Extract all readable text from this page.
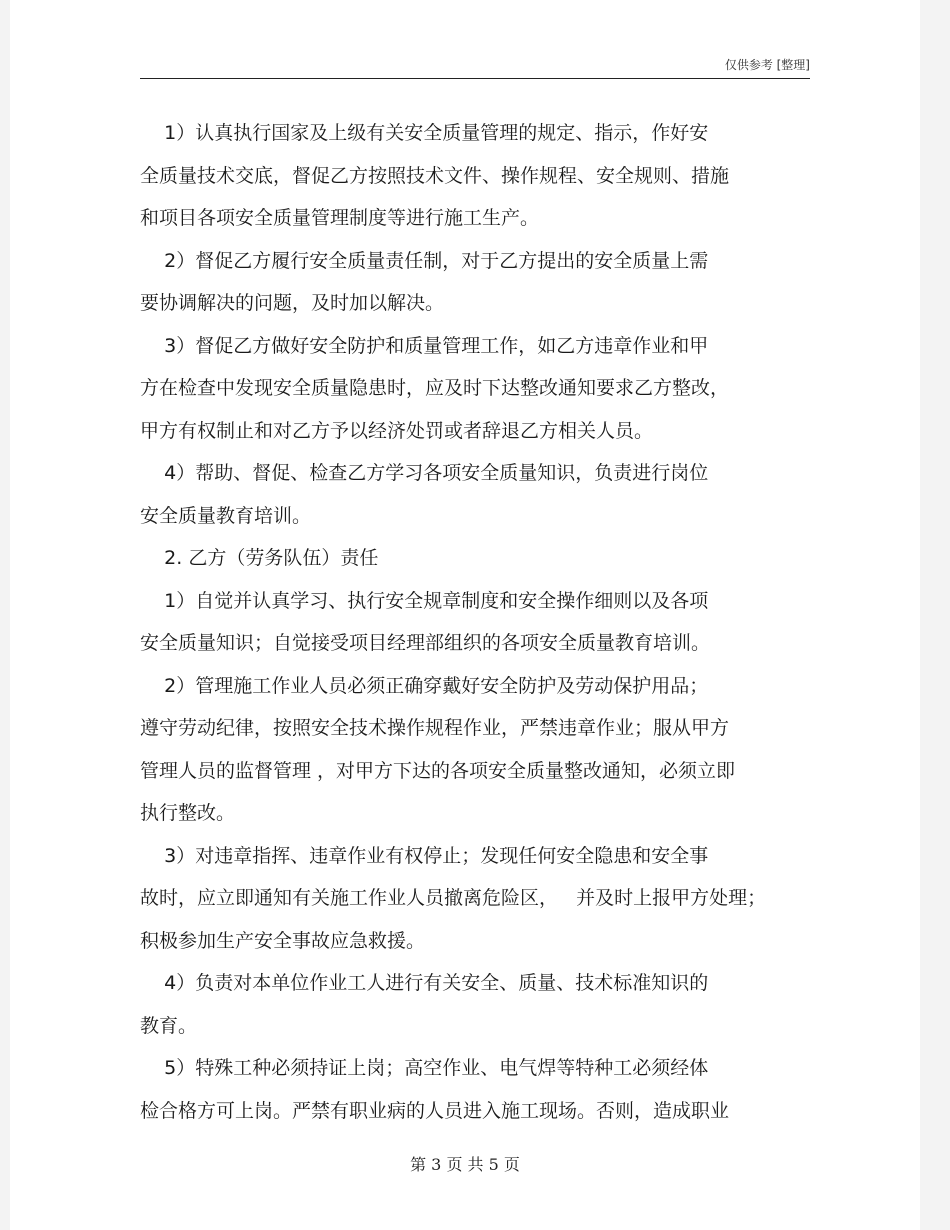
仅供参考 [整理]
1）认真执行国家及上级有关安全质量管理的规定、指示，作好安
全质量技术交底，督促乙方按照技术文件、操作规程、安全规则、措施
和项目各项安全质量管理制度等进行施工生产。
2）督促乙方履行安全质量责任制，对于乙方提出的安全质量上需
要协调解决的问题，及时加以解决。
3）督促乙方做好安全防护和质量管理工作，如乙方违章作业和甲
方在检查中发现安全质量隐患时，应及时下达整改通知要求乙方整改，
甲方有权制止和对乙方予以经济处罚或者辞退乙方相关人员。
4）帮助、督促、检查乙方学习各项安全质量知识，负责进行岗位
安全质量教育培训。
2. 乙方（劳务队伍）责任
1）自觉并认真学习、执行安全规章制度和安全操作细则以及各项
安全质量知识；自觉接受项目经理部组织的各项安全质量教育培训。
2）管理施工作业人员必须正确穿戴好安全防护及劳动保护用品；
遵守劳动纪律，按照安全技术操作规程作业，严禁违章作业；服从甲方
管理人员的监督管理 ，对甲方下达的各项安全质量整改通知，必须立即
执行整改。
3）对违章指挥、违章作业有权停止；发现任何安全隐患和安全事
故时，应立即通知有关施工作业人员撤离危险区，   并及时上报甲方处理；
积极参加生产安全事故应急救援。
4）负责对本单位作业工人进行有关安全、质量、技术标准知识的
教育。
5）特殊工种必须持证上岗；高空作业、电气焊等特种工必须经体
检合格方可上岗。严禁有职业病的人员进入施工现场。否则，造成职业
第 3 页 共 5 页
